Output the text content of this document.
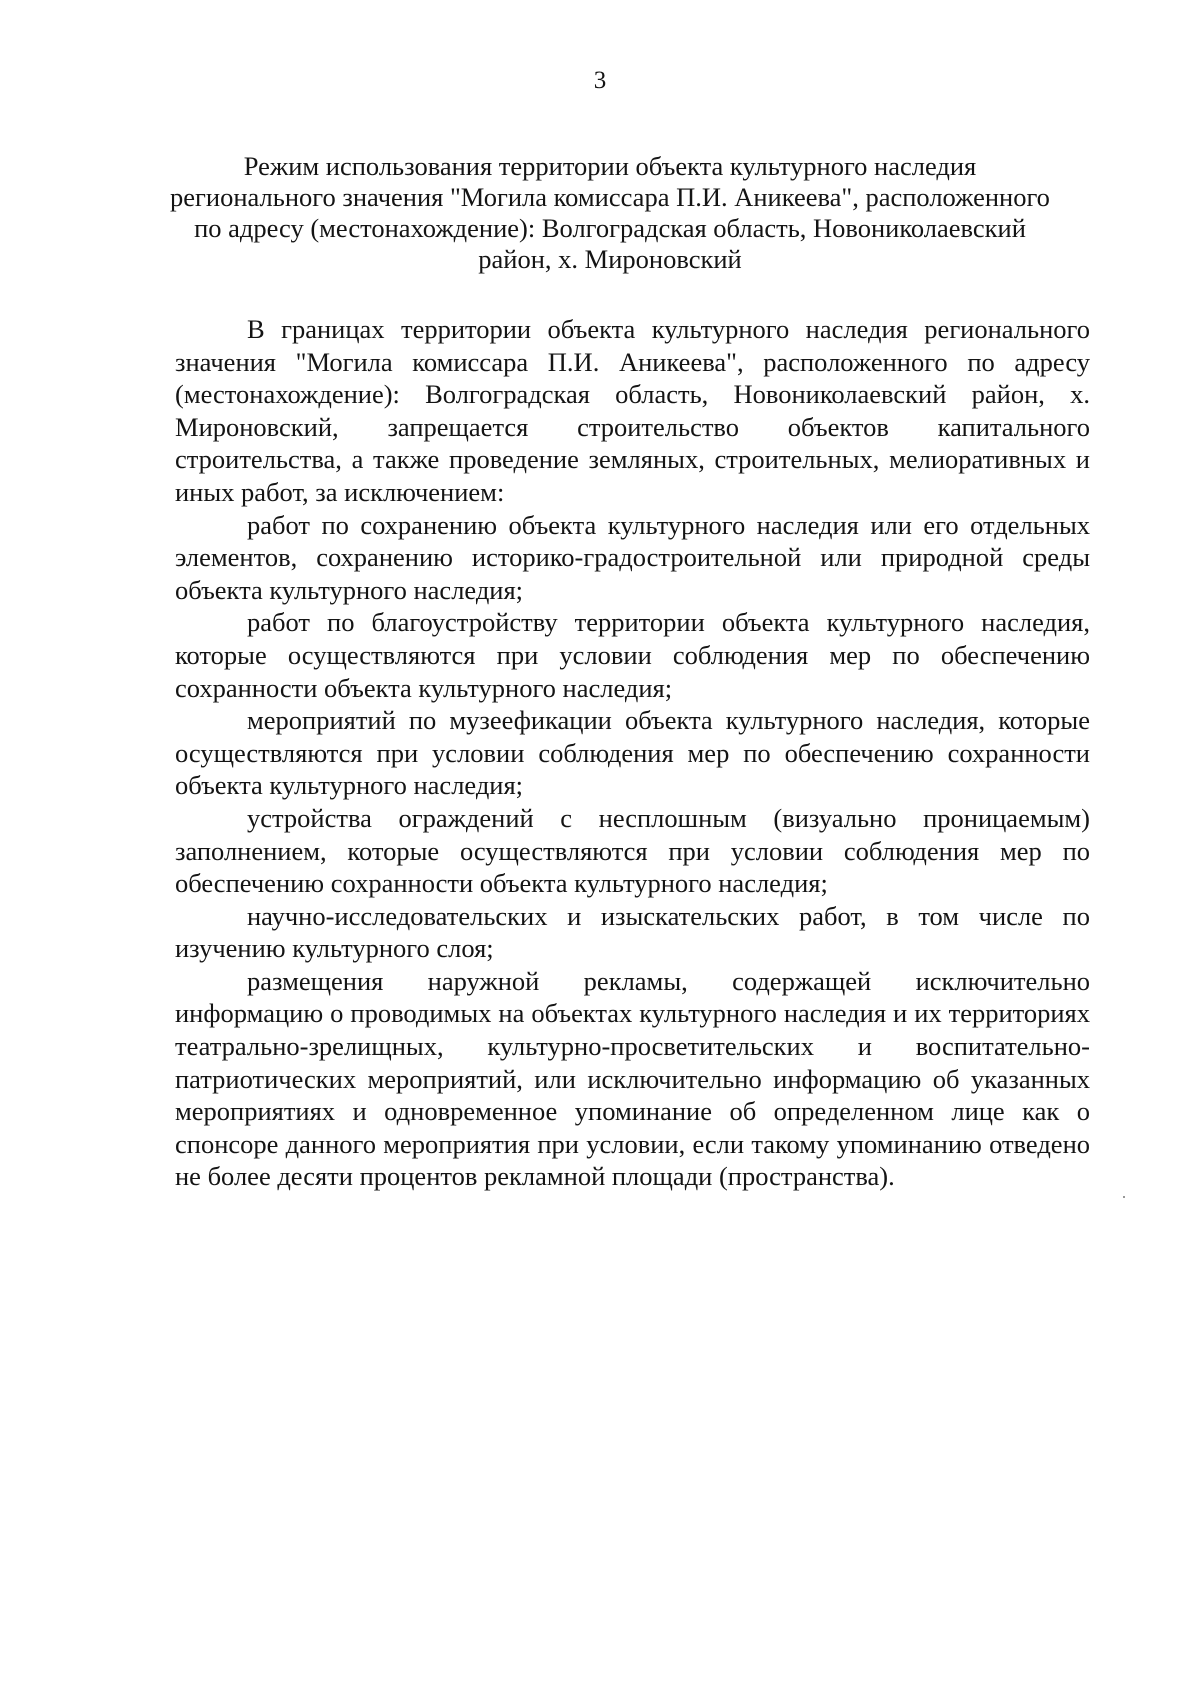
3
Режим использования территории объекта культурного наследия
регионального значения "Могила комиссара П.И. Аникеева", расположенного
по адресу (местонахождение): Волгоградская область, Новониколаевский
район, х. Мироновский

В границах территории объекта культурного наследия регионального значения "Могила комиссара П.И. Аникеева", расположенного по адресу (местонахождение): Волгоградская область, Новониколаевский район, х. Мироновский, запрещается строительство объектов капитального строительства, а также проведение земляных, строительных, мелиоративных и иных работ, за исключением:

работ по сохранению объекта культурного наследия или его отдельных элементов, сохранению историко-градостроительной или природной среды объекта культурного наследия;

работ по благоустройству территории объекта культурного наследия, которые осуществляются при условии соблюдения мер по обеспечению сохранности объекта культурного наследия;

мероприятий по музеефикации объекта культурного наследия, которые осуществляются при условии соблюдения мер по обеспечению сохранности объекта культурного наследия;

устройства ограждений с несплошным (визуально проницаемым) заполнением, которые осуществляются при условии соблюдения мер по обеспечению сохранности объекта культурного наследия;

научно-исследовательских и изыскательских работ, в том числе по изучению культурного слоя;

размещения наружной рекламы, содержащей исключительно информацию о проводимых на объектах культурного наследия и их территориях театрально-зрелищных, культурно-просветительских и воспитательно-патриотических мероприятий, или исключительно информацию об указанных мероприятиях и одновременное упоминание об определенном лице как о спонсоре данного мероприятия при условии, если такому упоминанию отведено не более десяти процентов рекламной площади (пространства).
